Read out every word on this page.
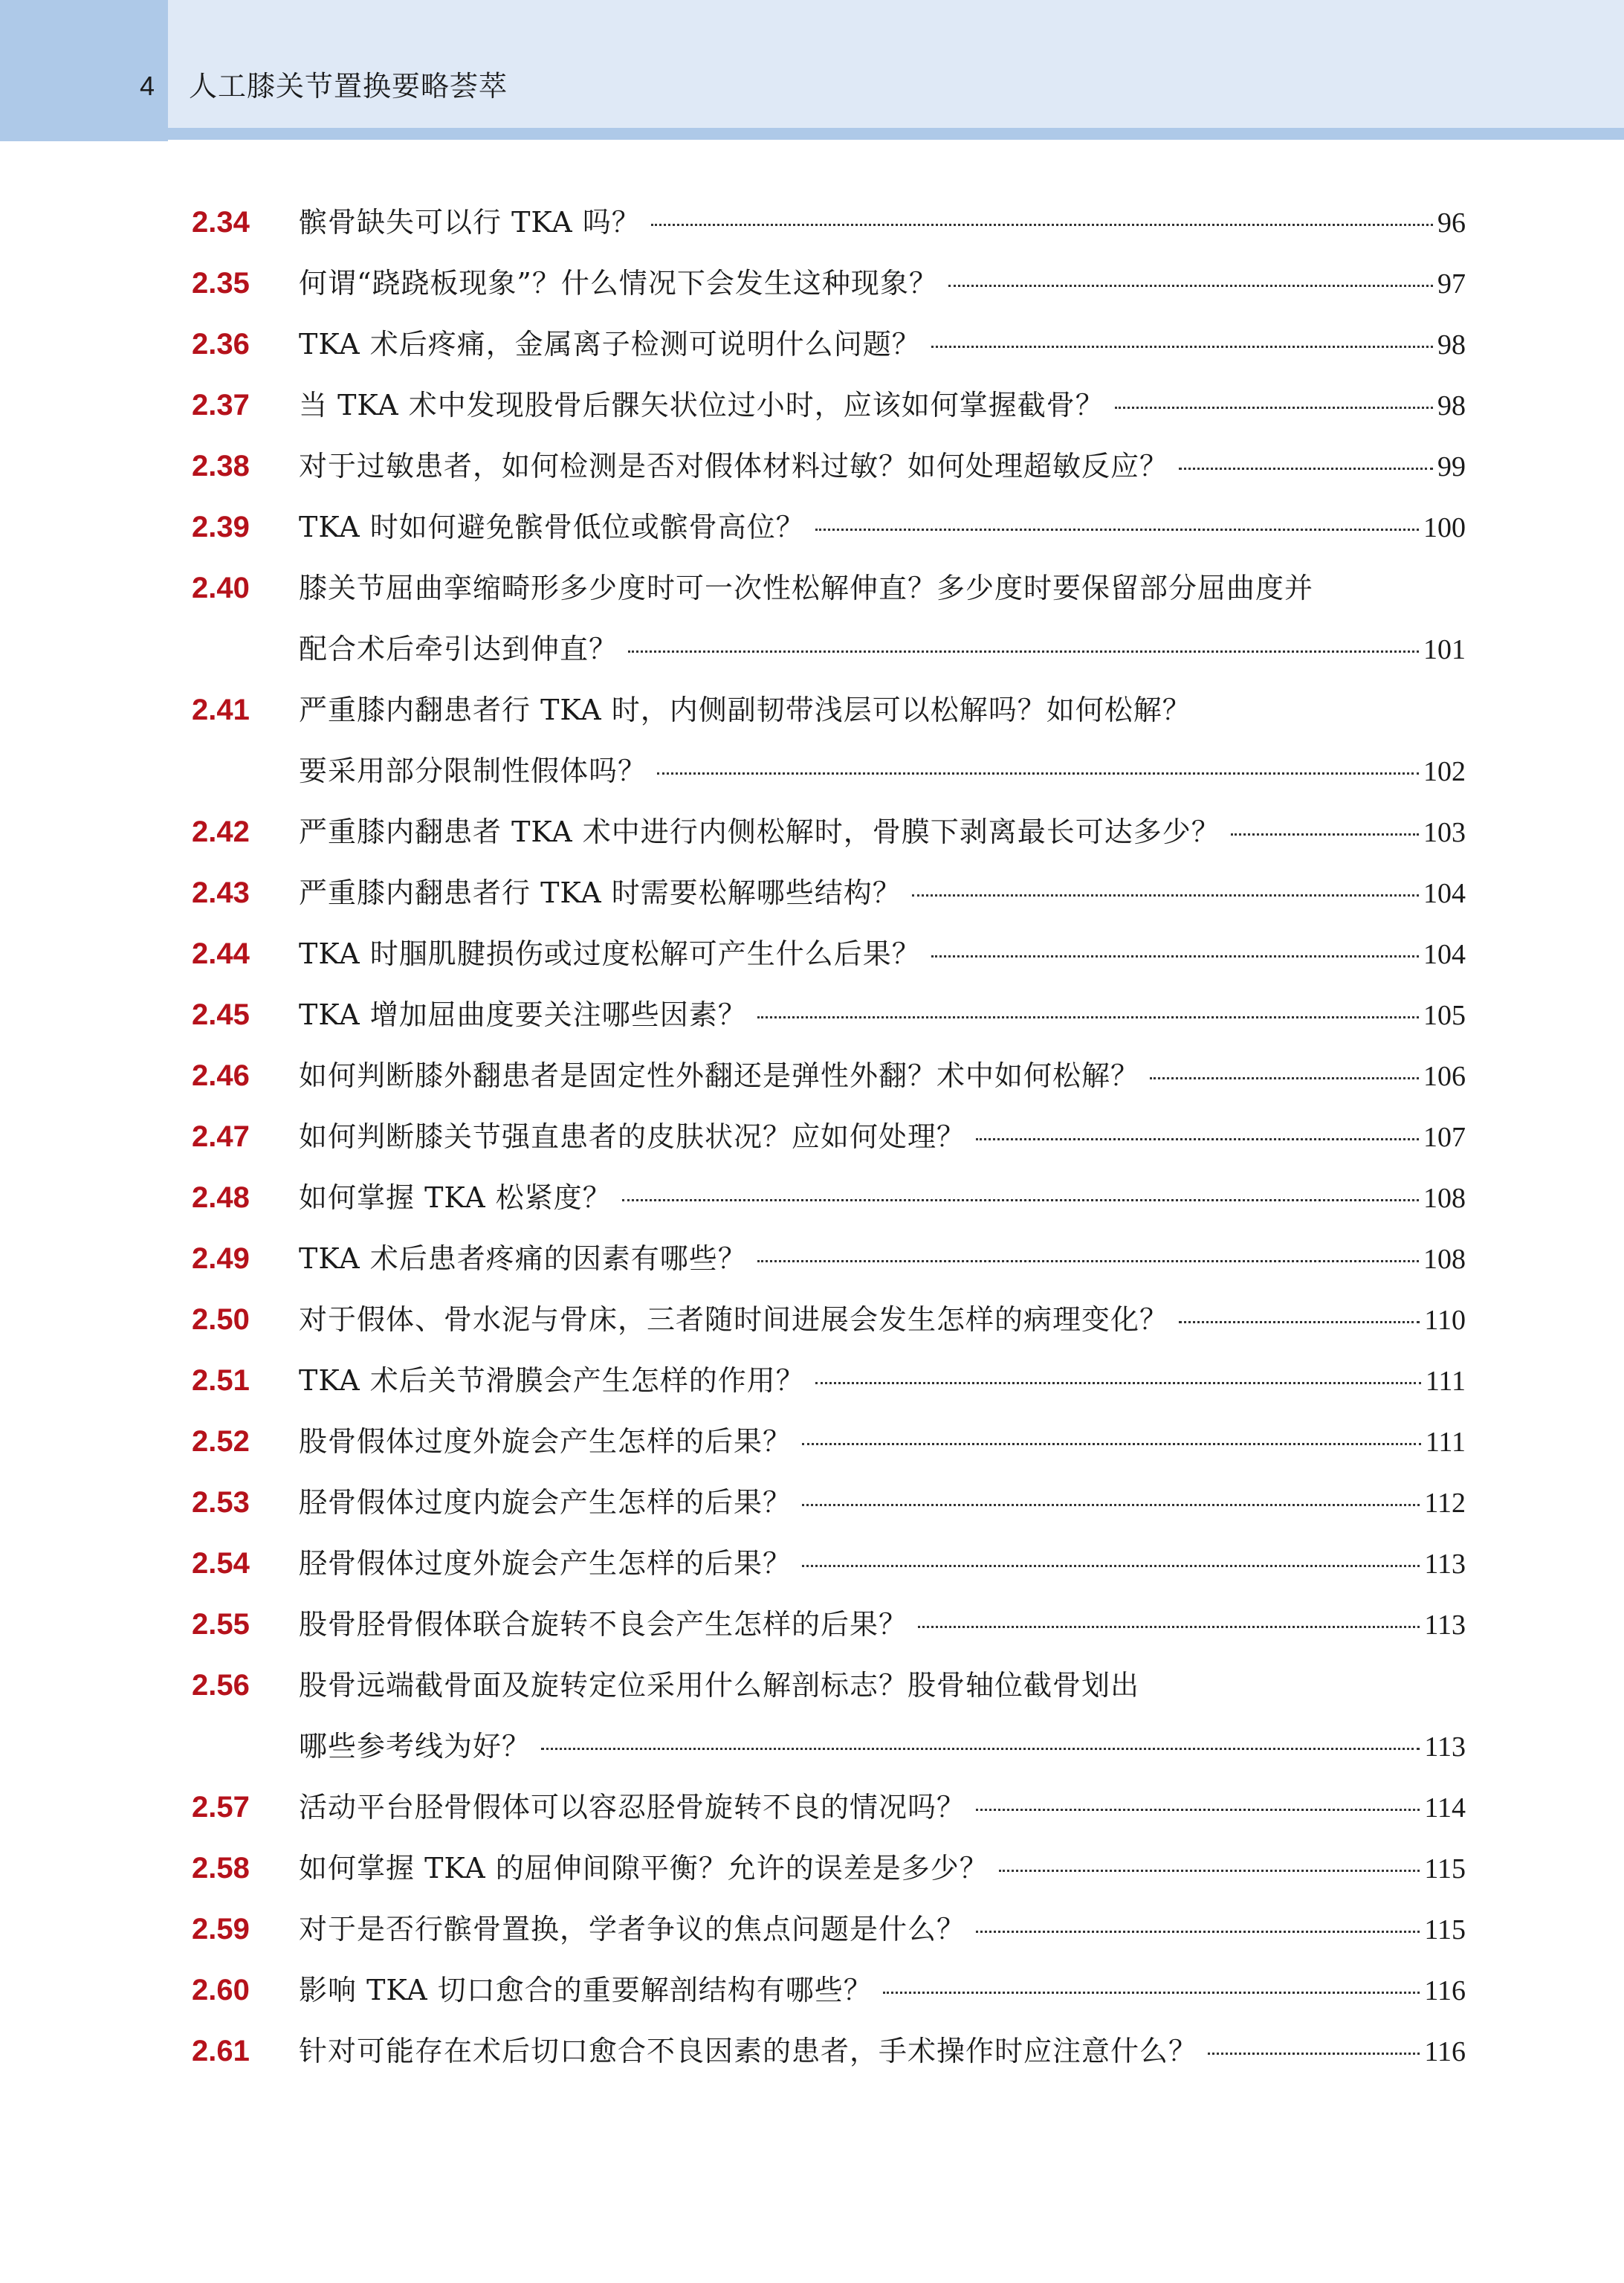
4 人工膝关节置换要略荟萃
2.34	髌骨缺失可以行 TKA 吗？	96
2.35	何谓“跷跷板现象”？什么情况下会发生这种现象？	97
2.36	TKA 术后疼痛，金属离子检测可说明什么问题？	98
2.37	当 TKA 术中发现股骨后髁矢状位过小时，应该如何掌握截骨？	98
2.38	对于过敏患者，如何检测是否对假体材料过敏？如何处理超敏反应？	99
2.39	TKA 时如何避免髌骨低位或髌骨高位？	100
2.40	膝关节屈曲挛缩畸形多少度时可一次性松解伸直？多少度时要保留部分屈曲度并
配合术后牵引达到伸直？	101
2.41	严重膝内翻患者行 TKA 时，内侧副韧带浅层可以松解吗？如何松解？
要采用部分限制性假体吗？	102
2.42	严重膝内翻患者 TKA 术中进行内侧松解时，骨膜下剥离最长可达多少？	103
2.43	严重膝内翻患者行 TKA 时需要松解哪些结构？	104
2.44	TKA 时腘肌腱损伤或过度松解可产生什么后果？	104
2.45	TKA 增加屈曲度要关注哪些因素？	105
2.46	如何判断膝外翻患者是固定性外翻还是弹性外翻？术中如何松解？	106
2.47	如何判断膝关节强直患者的皮肤状况？应如何处理？	107
2.48	如何掌握 TKA 松紧度？	108
2.49	TKA 术后患者疼痛的因素有哪些？	108
2.50	对于假体、骨水泥与骨床，三者随时间进展会发生怎样的病理变化？	110
2.51	TKA 术后关节滑膜会产生怎样的作用？	111
2.52	股骨假体过度外旋会产生怎样的后果？	111
2.53	胫骨假体过度内旋会产生怎样的后果？	112
2.54	胫骨假体过度外旋会产生怎样的后果？	113
2.55	股骨胫骨假体联合旋转不良会产生怎样的后果？	113
2.56	股骨远端截骨面及旋转定位采用什么解剖标志？股骨轴位截骨划出
哪些参考线为好？	113
2.57	活动平台胫骨假体可以容忍胫骨旋转不良的情况吗？	114
2.58	如何掌握 TKA 的屈伸间隙平衡？允许的误差是多少？	115
2.59	对于是否行髌骨置换，学者争议的焦点问题是什么？	115
2.60	影响 TKA 切口愈合的重要解剖结构有哪些？	116
2.61	针对可能存在术后切口愈合不良因素的患者，手术操作时应注意什么？	116
